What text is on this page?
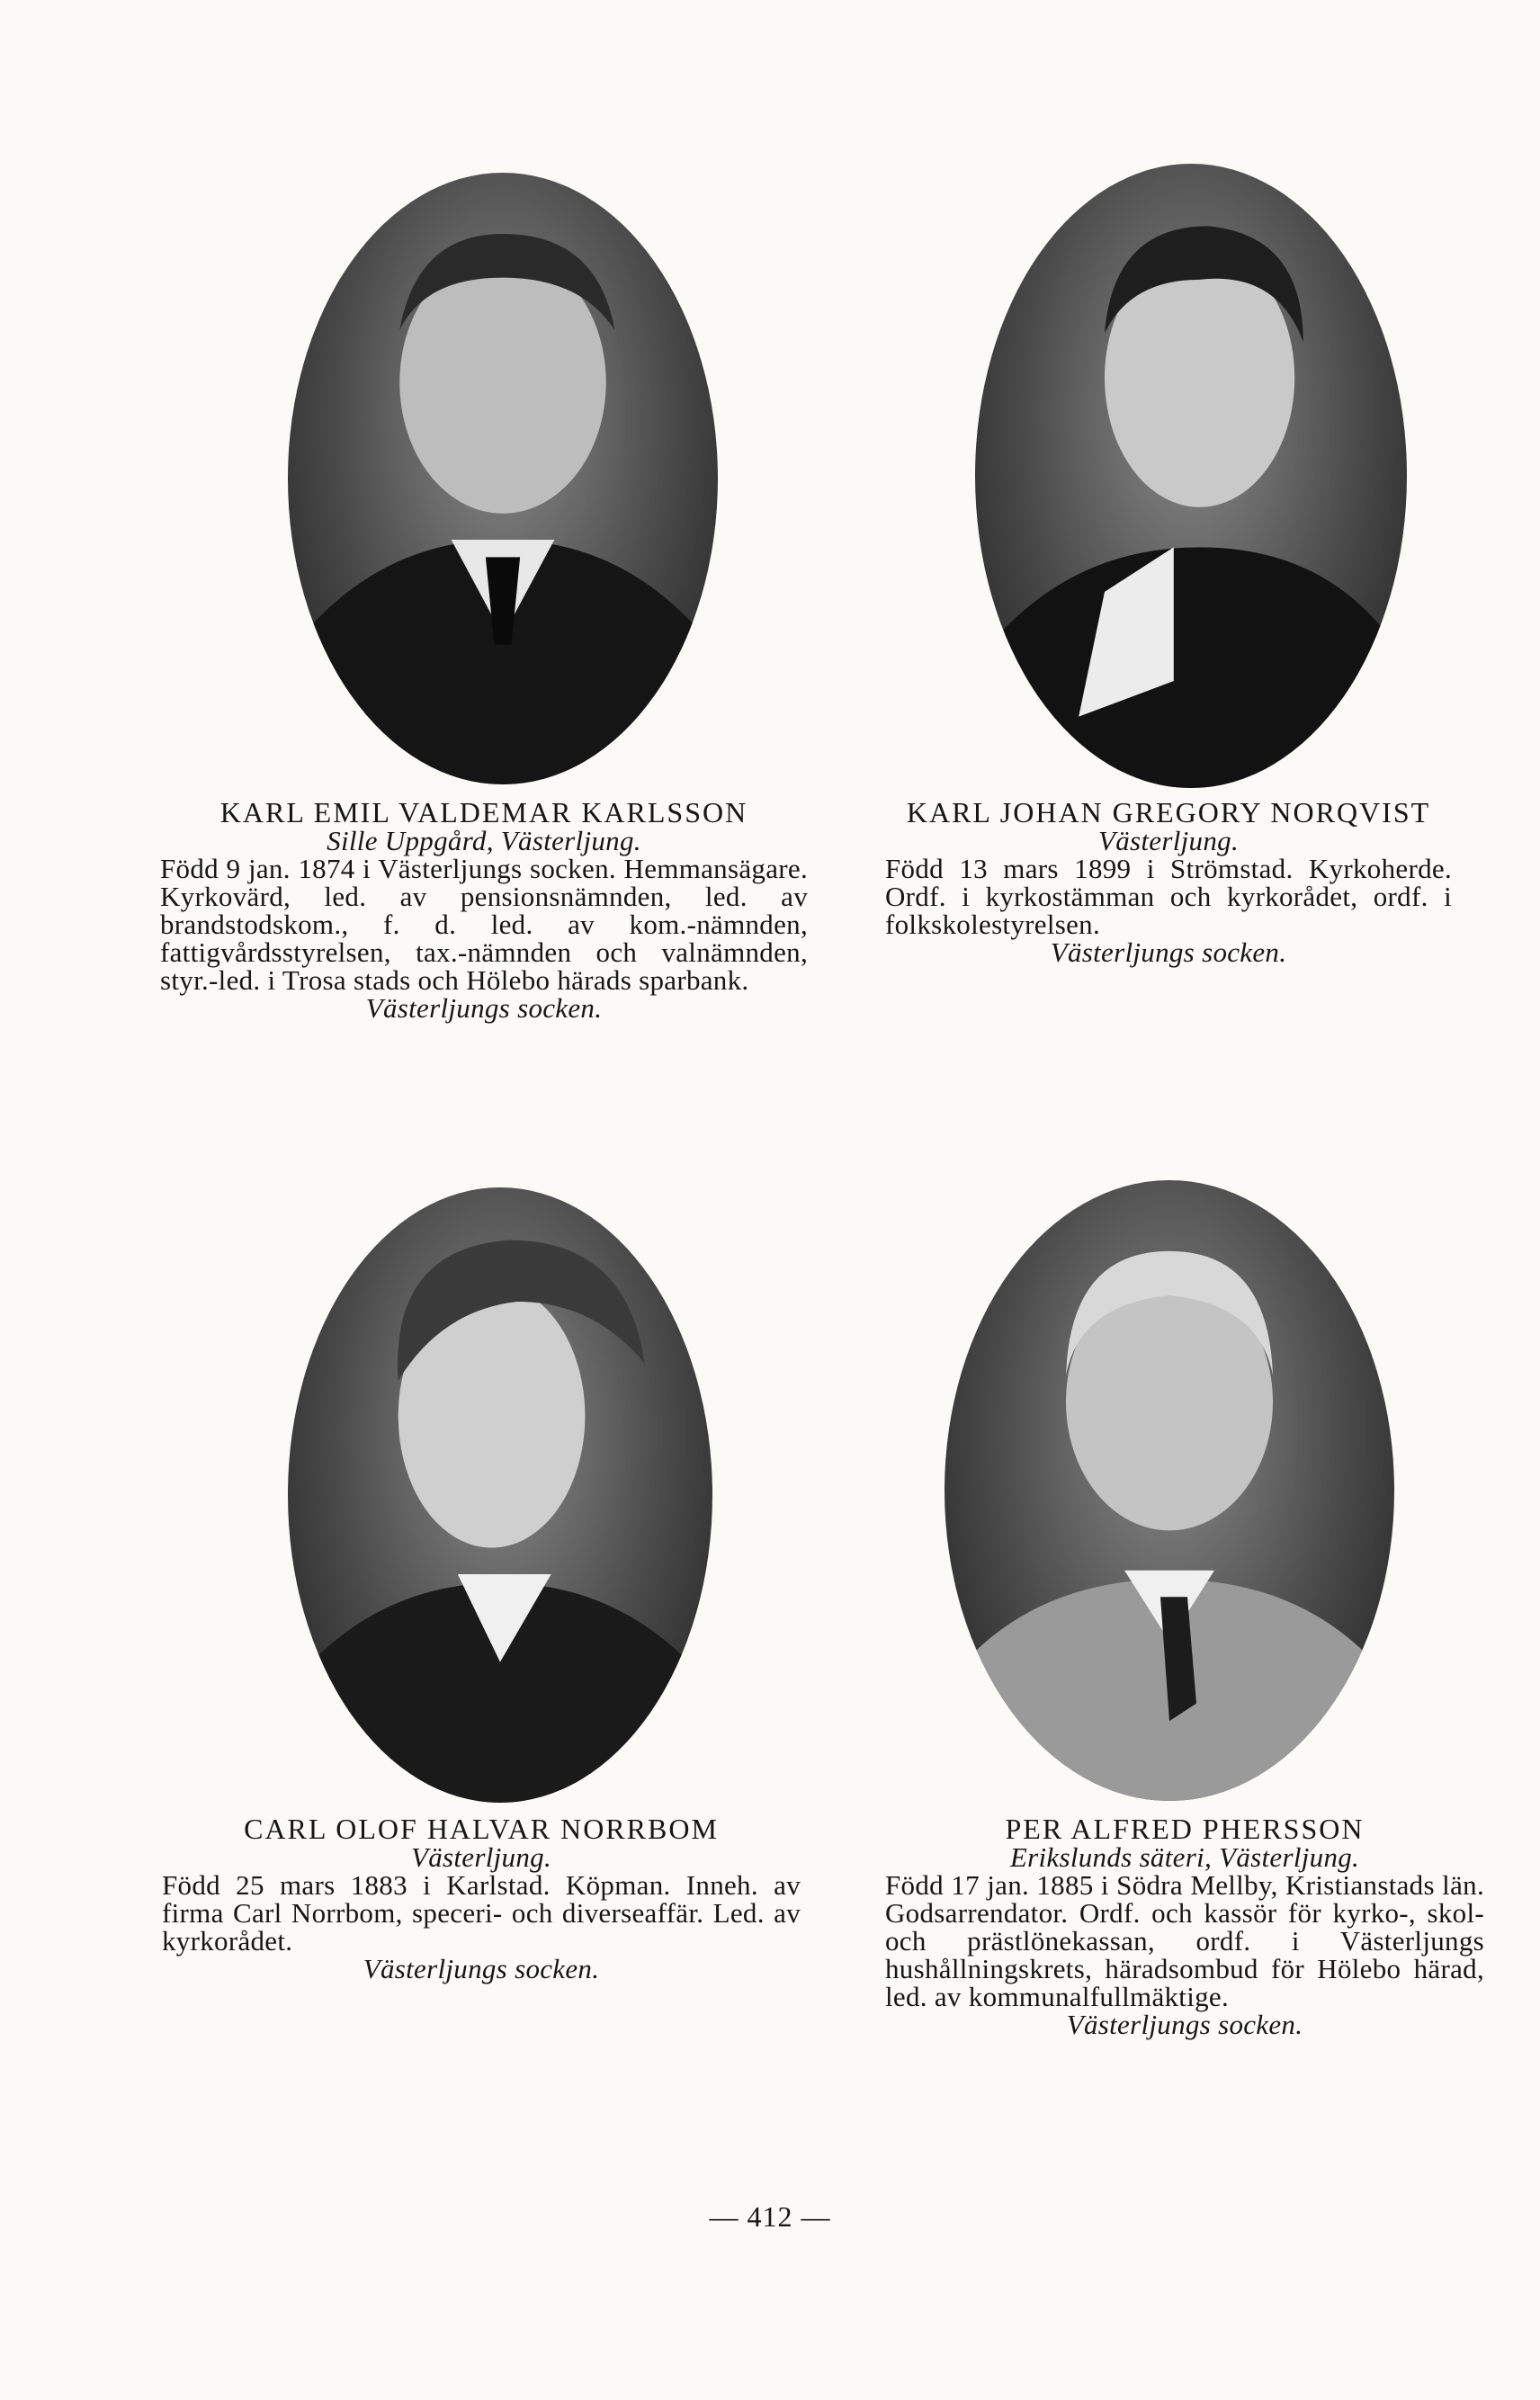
KARL EMIL VALDEMAR KARLSSON
Sille Uppgård, Västerljung.
Född 9 jan. 1874 i Västerljungs socken. Hemmansägare. Kyrkovärd, led. av pensionsnämnden, led. av brandstodskom., f. d. led. av kom.-nämnden, fattigvårdsstyrelsen, tax.-nämnden och valnämnden, styr.-led. i Trosa stads och Hölebo härads sparbank.
Västerljungs socken.
KARL JOHAN GREGORY NORQVIST
Västerljung.
Född 13 mars 1899 i Strömstad. Kyrkoherde. Ordf. i kyrkostämman och kyrkorådet, ordf. i folkskolestyrelsen.
Västerljungs socken.
CARL OLOF HALVAR NORRBOM
Västerljung.
Född 25 mars 1883 i Karlstad. Köpman. Inneh. av firma Carl Norrbom, speceri- och diverseaffär. Led. av kyrkorådet.
Västerljungs socken.
PER ALFRED PHERSSON
Erikslunds säteri, Västerljung.
Född 17 jan. 1885 i Södra Mellby, Kristianstads län. Godsarrendator. Ordf. och kassör för kyrko-, skol- och prästlönekassan, ordf. i Västerljungs hushållningskrets, häradsombud för Hölebo härad, led. av kommunalfullmäktige.
Västerljungs socken.
— 412 —
